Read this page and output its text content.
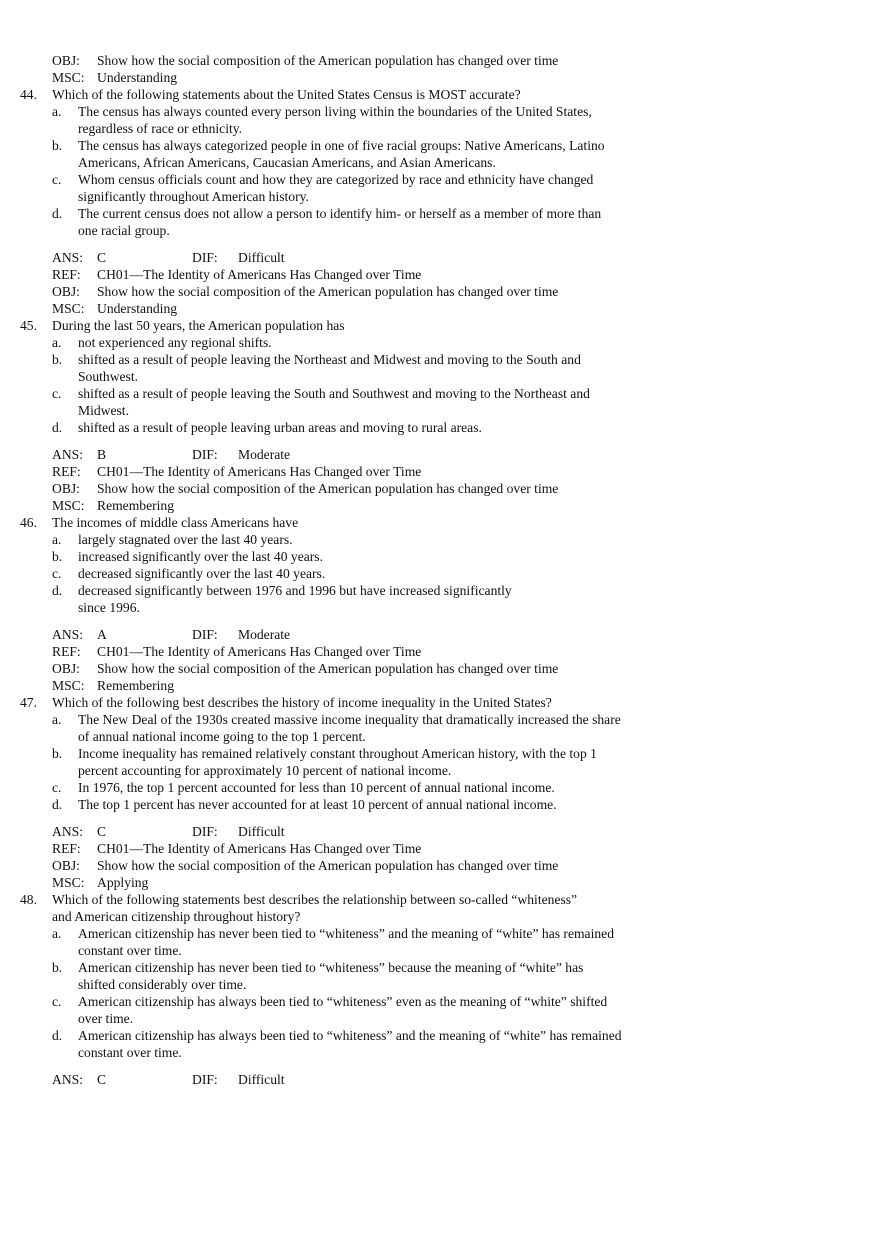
OBJ: Show how the social composition of the American population has changed over time
MSC: Understanding
44. Which of the following statements about the United States Census is MOST accurate?
a. The census has always counted every person living within the boundaries of the United States,
regardless of race or ethnicity.
b. The census has always categorized people in one of five racial groups: Native Americans, Latino
Americans, African Americans, Caucasian Americans, and Asian Americans.
c. Whom census officials count and how they are categorized by race and ethnicity have changed
significantly throughout American history.
d. The current census does not allow a person to identify him- or herself as a member of more than
one racial group.
ANS: C	DIF: Difficult
REF: CH01—The Identity of Americans Has Changed over Time
OBJ: Show how the social composition of the American population has changed over time
MSC: Understanding
45. During the last 50 years, the American population has
a. not experienced any regional shifts.
b. shifted as a result of people leaving the Northeast and Midwest and moving to the South and
Southwest.
c. shifted as a result of people leaving the South and Southwest and moving to the Northeast and
Midwest.
d. shifted as a result of people leaving urban areas and moving to rural areas.
ANS: B	DIF: Moderate
REF: CH01—The Identity of Americans Has Changed over Time
OBJ: Show how the social composition of the American population has changed over time
MSC: Remembering
46. The incomes of middle class Americans have
a. largely stagnated over the last 40 years.
b. increased significantly over the last 40 years.
c. decreased significantly over the last 40 years.
d. decreased significantly between 1976 and 1996 but have increased significantly
since 1996.
ANS: A	DIF: Moderate
REF: CH01—The Identity of Americans Has Changed over Time
OBJ: Show how the social composition of the American population has changed over time
MSC: Remembering
47. Which of the following best describes the history of income inequality in the United States?
a. The New Deal of the 1930s created massive income inequality that dramatically increased the share
of annual national income going to the top 1 percent.
b. Income inequality has remained relatively constant throughout American history, with the top 1
percent accounting for approximately 10 percent of national income.
c. In 1976, the top 1 percent accounted for less than 10 percent of annual national income.
d. The top 1 percent has never accounted for at least 10 percent of annual national income.
ANS: C	DIF: Difficult
REF: CH01—The Identity of Americans Has Changed over Time
OBJ: Show how the social composition of the American population has changed over time
MSC: Applying
48. Which of the following statements best describes the relationship between so-called “whiteness”
and American citizenship throughout history?
a. American citizenship has never been tied to “whiteness” and the meaning of “white” has remained
constant over time.
b. American citizenship has never been tied to “whiteness” because the meaning of “white” has
shifted considerably over time.
c. American citizenship has always been tied to “whiteness” even as the meaning of “white” shifted
over time.
d. American citizenship has always been tied to “whiteness” and the meaning of “white” has remained
constant over time.
ANS: C	DIF: Difficult
